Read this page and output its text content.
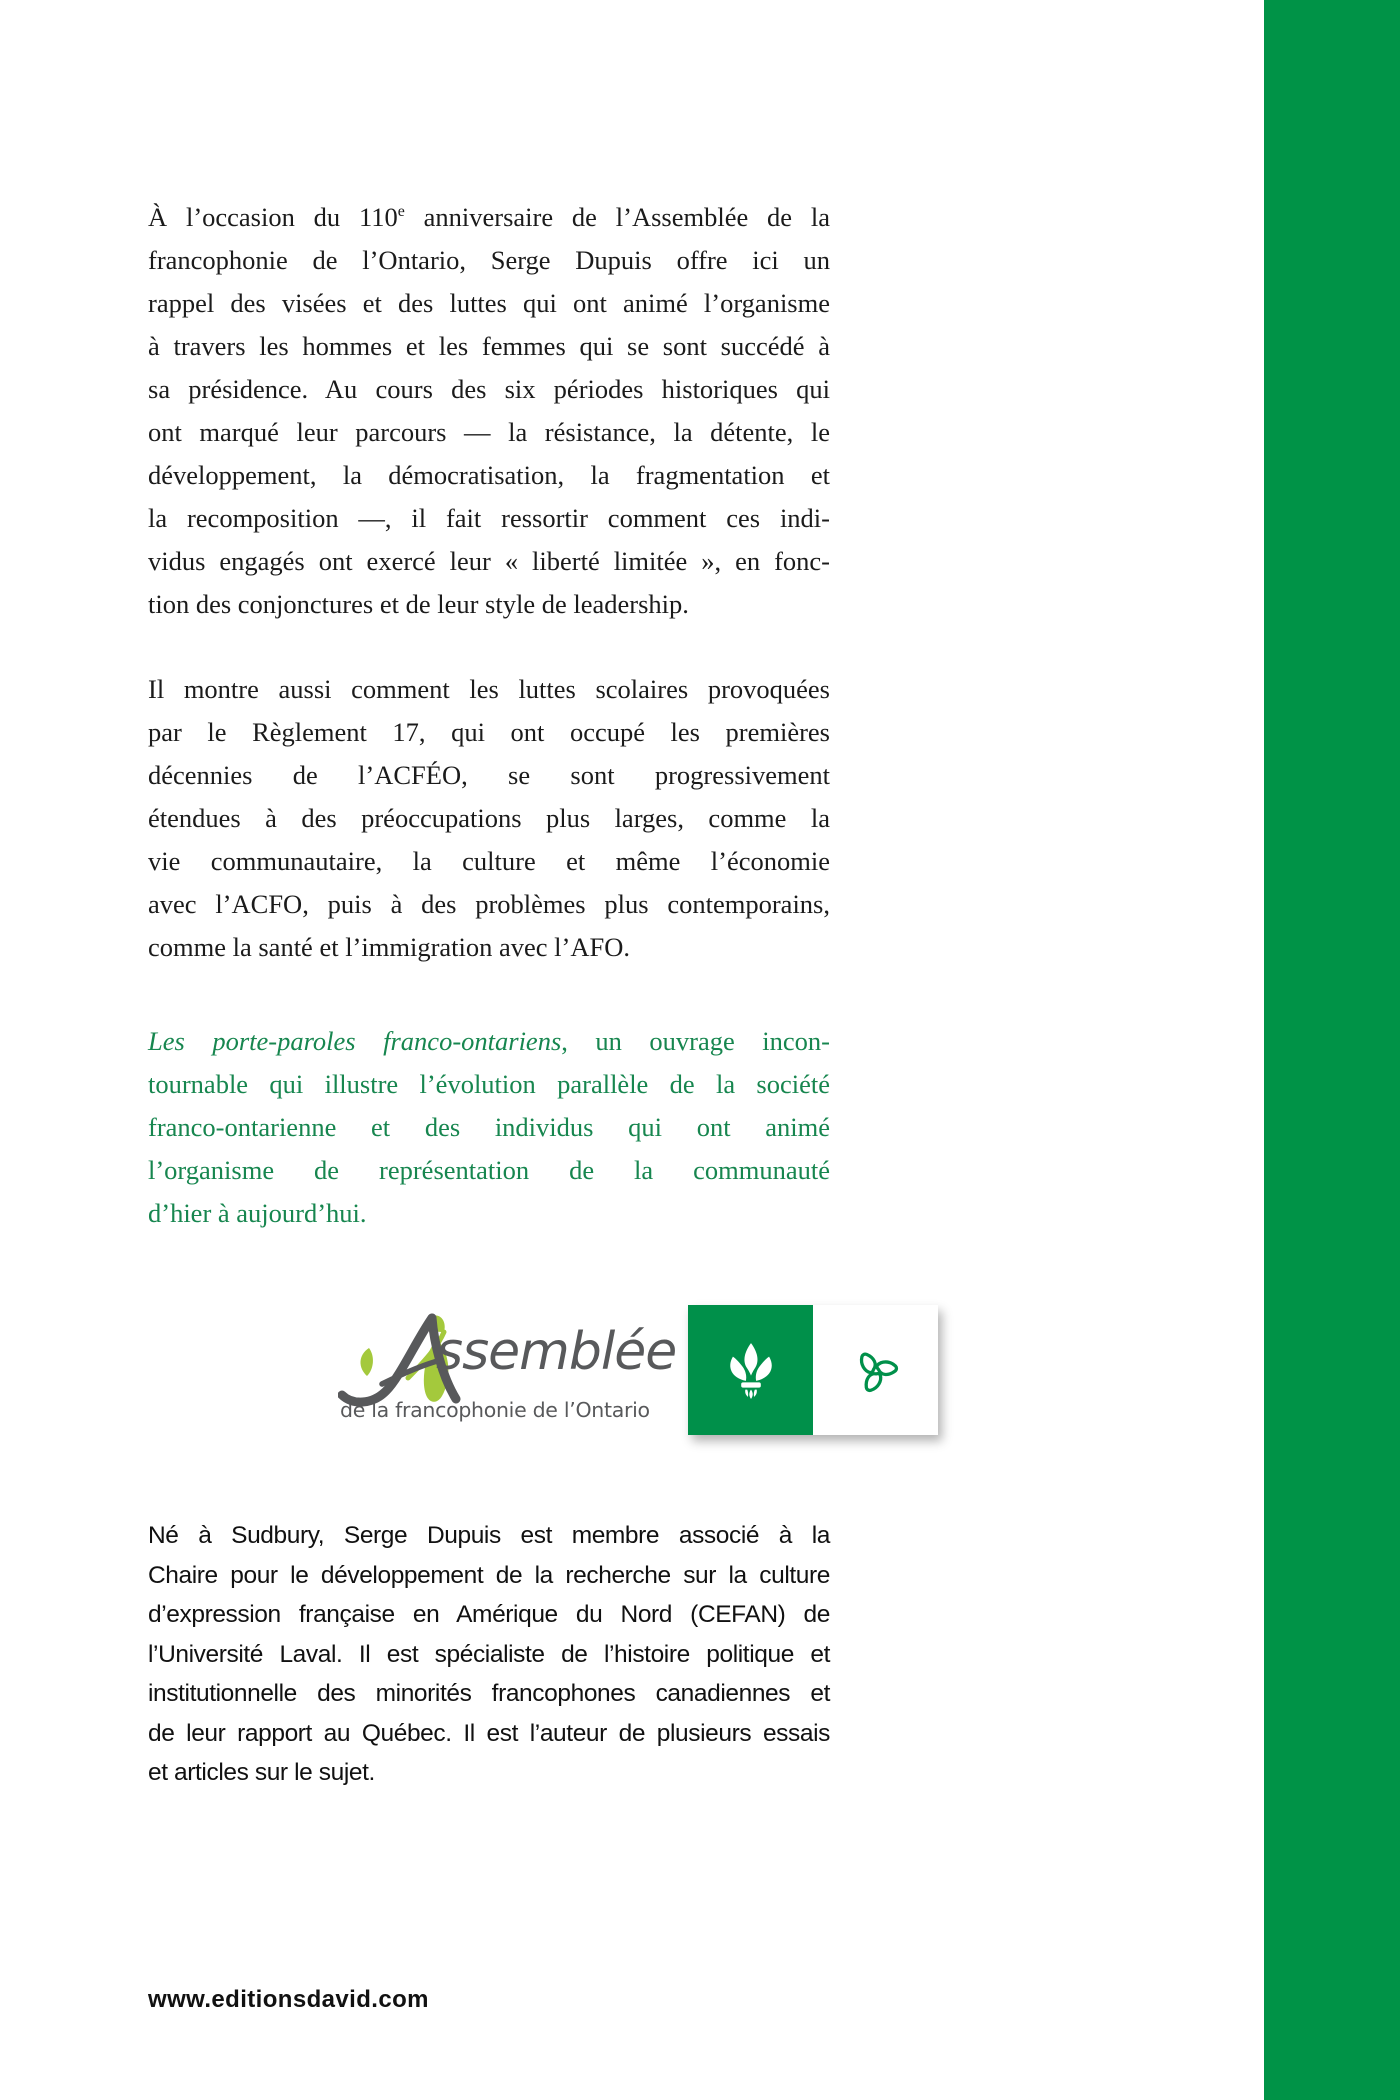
À l’occasion du 110e anniversaire de l’Assemblée de la
francophonie de l’Ontario, Serge Dupuis offre ici un
rappel des visées et des luttes qui ont animé l’organisme
à travers les hommes et les femmes qui se sont succédé à
sa présidence. Au cours des six périodes historiques qui
ont marqué leur parcours — la résistance, la détente, le
développement, la démocratisation, la fragmentation et
la recomposition —, il fait ressortir comment ces indi-
vidus engagés ont exercé leur « liberté limitée », en fonc-
tion des conjonctures et de leur style de leadership.
Il montre aussi comment les luttes scolaires provoquées
par le Règlement 17, qui ont occupé les premières
décennies de l’ACFÉO, se sont progressivement
étendues à des préoccupations plus larges, comme la
vie communautaire, la culture et même l’économie
avec l’ACFO, puis à des problèmes plus contemporains,
comme la santé et l’immigration avec l’AFO.
Les porte-paroles franco-ontariens, un ouvrage incon-
tournable qui illustre l’évolution parallèle de la société
franco-ontarienne et des individus qui ont animé
l’organisme de représentation de la communauté
d’hier à aujourd’hui.
ssemblée
de la francophonie de l’Ontario
Né à Sudbury, Serge Dupuis est membre associé à la
Chaire pour le développement de la recherche sur la culture
d’expression française en Amérique du Nord (CEFAN) de
l’Université Laval. Il est spécialiste de l’histoire politique et
institutionnelle des minorités francophones canadiennes et
de leur rapport au Québec. Il est l’auteur de plusieurs essais
et articles sur le sujet.
www.editionsdavid.com
